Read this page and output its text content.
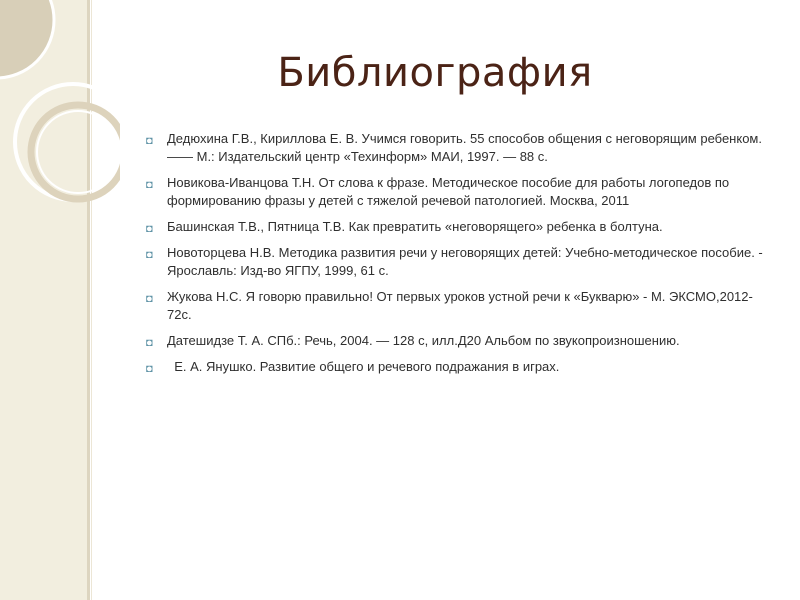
Библиография
◘ Дедюхина Г.В., Кириллова Е. В. Учимся говорить. 55 способов общения с неговорящим ребенком.—— М.: Издательский центр «Техинформ» МАИ, 1997. — 88 с.
◘ Новикова-Иванцова Т.Н. От слова к фразе. Методическое пособие для работы логопедов по формированию фразы у детей с тяжелой речевой патологией. Москва, 2011
◘ Башинская Т.В., Пятница Т.В. Как превратить «неговорящего» ребенка в болтуна.
◘ Новоторцева Н.В. Методика развития речи у неговорящих детей: Учебно-методическое пособие. - Ярославль: Изд-во ЯГПУ, 1999, 61 с.
◘ Жукова Н.С. Я говорю правильно! От первых уроков устной речи к «Букварю» - М. ЭКСМО,2012-72с.
◘ Датешидзе Т. А. СПб.: Речь, 2004. — 128 с, илл.Д20 Альбом по звукопроизношению.
◘ Е. А. Янушко. Развитие общего и речевого подражания в играх.
